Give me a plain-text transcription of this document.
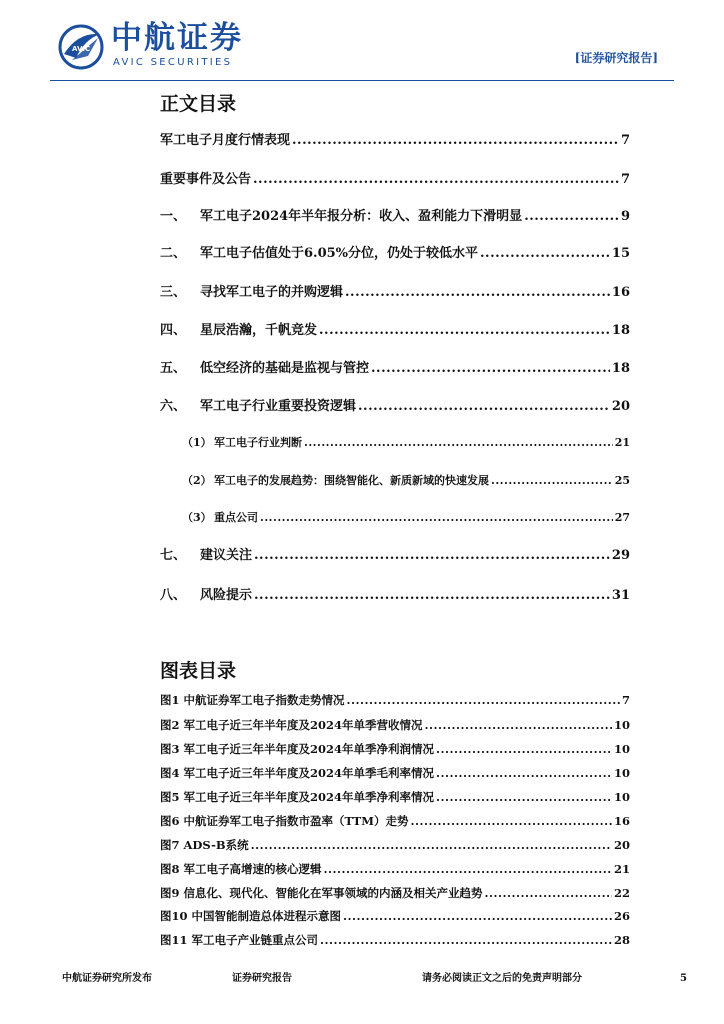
AVIC 中航证券
AVIC SECURITIES	[证券研究报告]
正文目录
军工电子月度行情表现 .....	7
重要事件及公告 .....	7
一、	军工电子2024年半年报分析：收入、盈利能力下滑明显 .....	9
二、	军工电子估值处于6.05%分位，仍处于较低水平 .....	15
三、	寻找军工电子的并购逻辑 .....	16
四、	星辰浩瀚，千帆竞发 .....	18
五、	低空经济的基础是监视与管控 .....	18
六、	军工电子行业重要投资逻辑 .....	20
（1） 军工电子行业判断 .....	21
（2） 军工电子的发展趋势：围绕智能化、新质新域的快速发展 .....	25
（3） 重点公司 .....	27
七、	建议关注 .....	29
八、	风险提示 .....	31
图表目录
图1 中航证券军工电子指数走势情况 .....	7
图2 军工电子近三年半年度及2024年单季营收情况 .....	10
图3 军工电子近三年半年度及2024年单季净利润情况 .....	10
图4 军工电子近三年半年度及2024年单季毛利率情况 .....	10
图5 军工电子近三年半年度及2024年单季净利率情况 .....	10
图6 中航证券军工电子指数市盈率（TTM）走势 .....	16
图7 ADS-B系统 .....	20
图8 军工电子高增速的核心逻辑 .....	21
图9 信息化、现代化、智能化在军事领域的内涵及相关产业趋势 .....	22
图10 中国智能制造总体进程示意图 .....	26
图11 军工电子产业链重点公司 .....	28
中航证券研究所发布	证券研究报告	请务必阅读正文之后的免责声明部分	5
